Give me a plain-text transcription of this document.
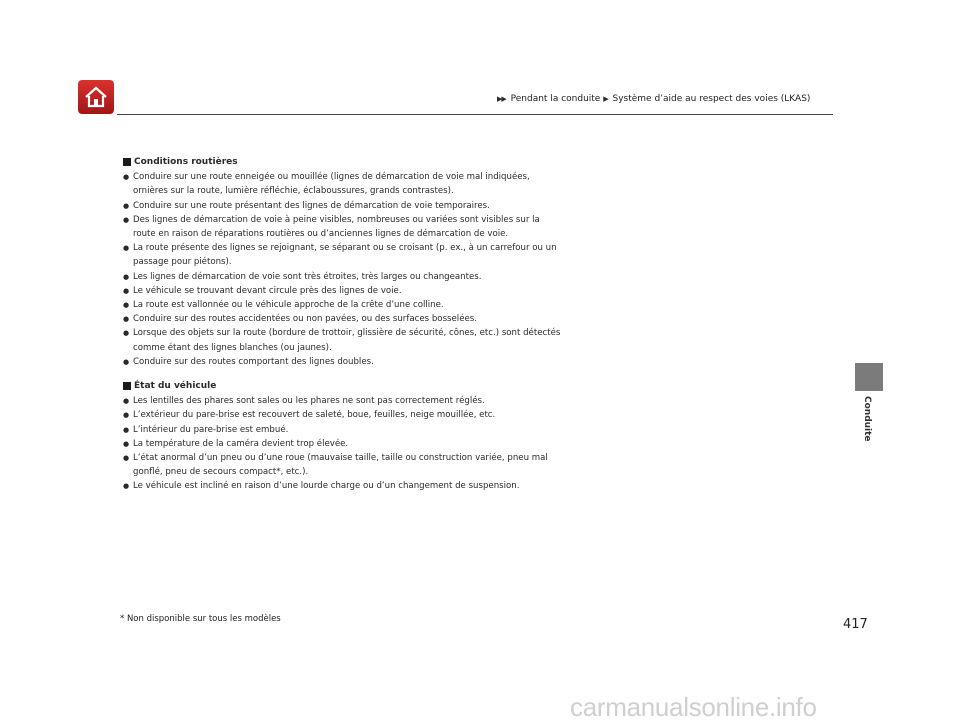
▶▶ Pendant la conduite ▶ Système d’aide au respect des voies (LKAS)
Conduite
Conditions routières
● Conduire sur une route enneigée ou mouillée (lignes de démarcation de voie mal indiquées, ornières sur la route, lumière réfléchie, éclaboussures, grands contrastes).
● Conduire sur une route présentant des lignes de démarcation de voie temporaires.
● Des lignes de démarcation de voie à peine visibles, nombreuses ou variées sont visibles sur la route en raison de réparations routières ou d’anciennes lignes de démarcation de voie.
● La route présente des lignes se rejoignant, se séparant ou se croisant (p. ex., à un carrefour ou un passage pour piétons).
● Les lignes de démarcation de voie sont très étroites, très larges ou changeantes.
● Le véhicule se trouvant devant circule près des lignes de voie.
● La route est vallonnée ou le véhicule approche de la crête d’une colline.
● Conduire sur des routes accidentées ou non pavées, ou des surfaces bosselées.
● Lorsque des objets sur la route (bordure de trottoir, glissière de sécurité, cônes, etc.) sont détectés comme étant des lignes blanches (ou jaunes).
● Conduire sur des routes comportant des lignes doubles.
État du véhicule
● Les lentilles des phares sont sales ou les phares ne sont pas correctement réglés.
● L’extérieur du pare-brise est recouvert de saleté, boue, feuilles, neige mouillée, etc.
● L’intérieur du pare-brise est embué.
● La température de la caméra devient trop élevée.
● L’état anormal d’un pneu ou d’une roue (mauvaise taille, taille ou construction variée, pneu mal gonflé, pneu de secours compact*, etc.).
● Le véhicule est incliné en raison d’une lourde charge ou d’un changement de suspension.
* Non disponible sur tous les modèles	417
carmanualsonline.info
